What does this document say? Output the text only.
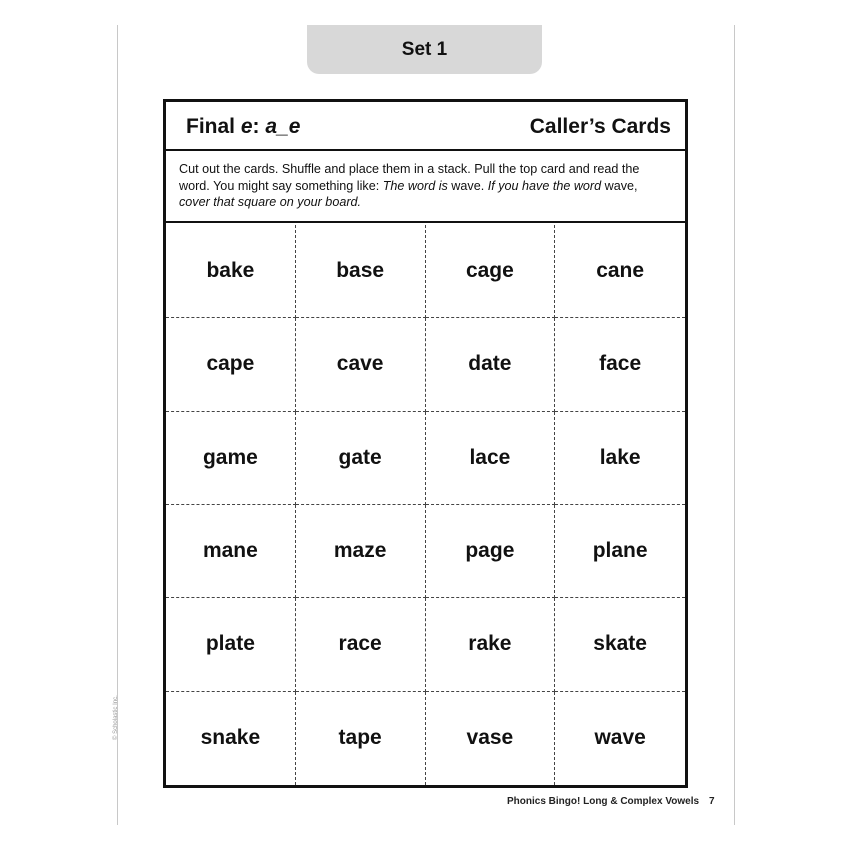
Set 1
Final e: a_e	Caller’s Cards
Cut out the cards. Shuffle and place them in a stack. Pull the top card and read the word. You might say something like: The word is wave. If you have the word wave, cover that square on your board.
bake	base	cage	cane
cape	cave	date	face
game	gate	lace	lake
mane	maze	page	plane
plate	race	rake	skate
snake	tape	vase	wave
Phonics Bingo! Long & Complex Vowels 7
© Scholastic Inc.
